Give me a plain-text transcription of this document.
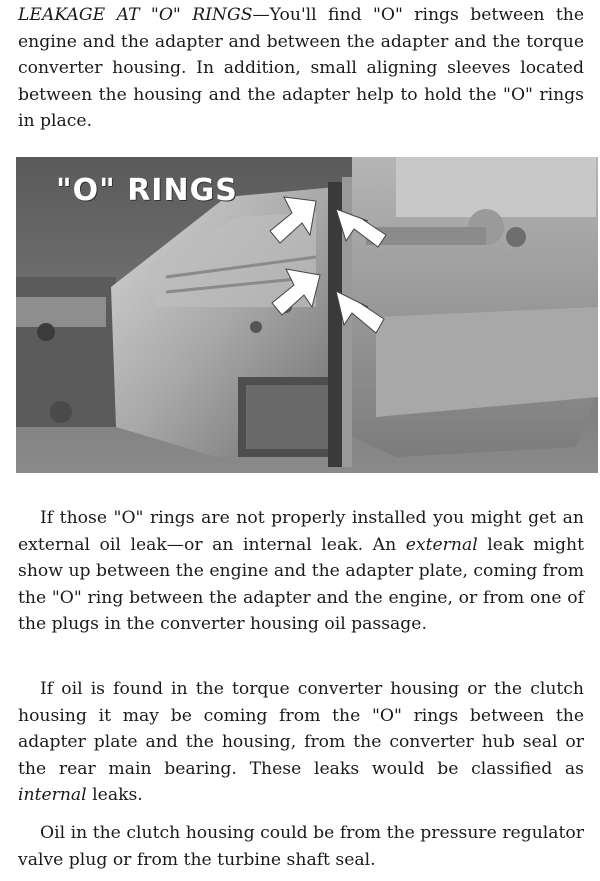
LEAKAGE AT "O" RINGS—You'll find "O" rings between the engine and the adapter and between the adapter and the torque converter housing. In addition, small aligning sleeves located between the housing and the adapter help to hold the "O" rings in place.

"O" RINGS

If those "O" rings are not properly installed you might get an external oil leak—or an internal leak. An external leak might show up between the engine and the adapter plate, coming from the "O" ring between the adapter and the engine, or from one of the plugs in the converter housing oil passage.

If oil is found in the torque converter housing or the clutch housing it may be coming from the "O" rings between the adapter plate and the housing, from the converter hub seal or the rear main bearing. These leaks would be classified as internal leaks.

Oil in the clutch housing could be from the pressure regulator valve plug or from the turbine shaft seal.
